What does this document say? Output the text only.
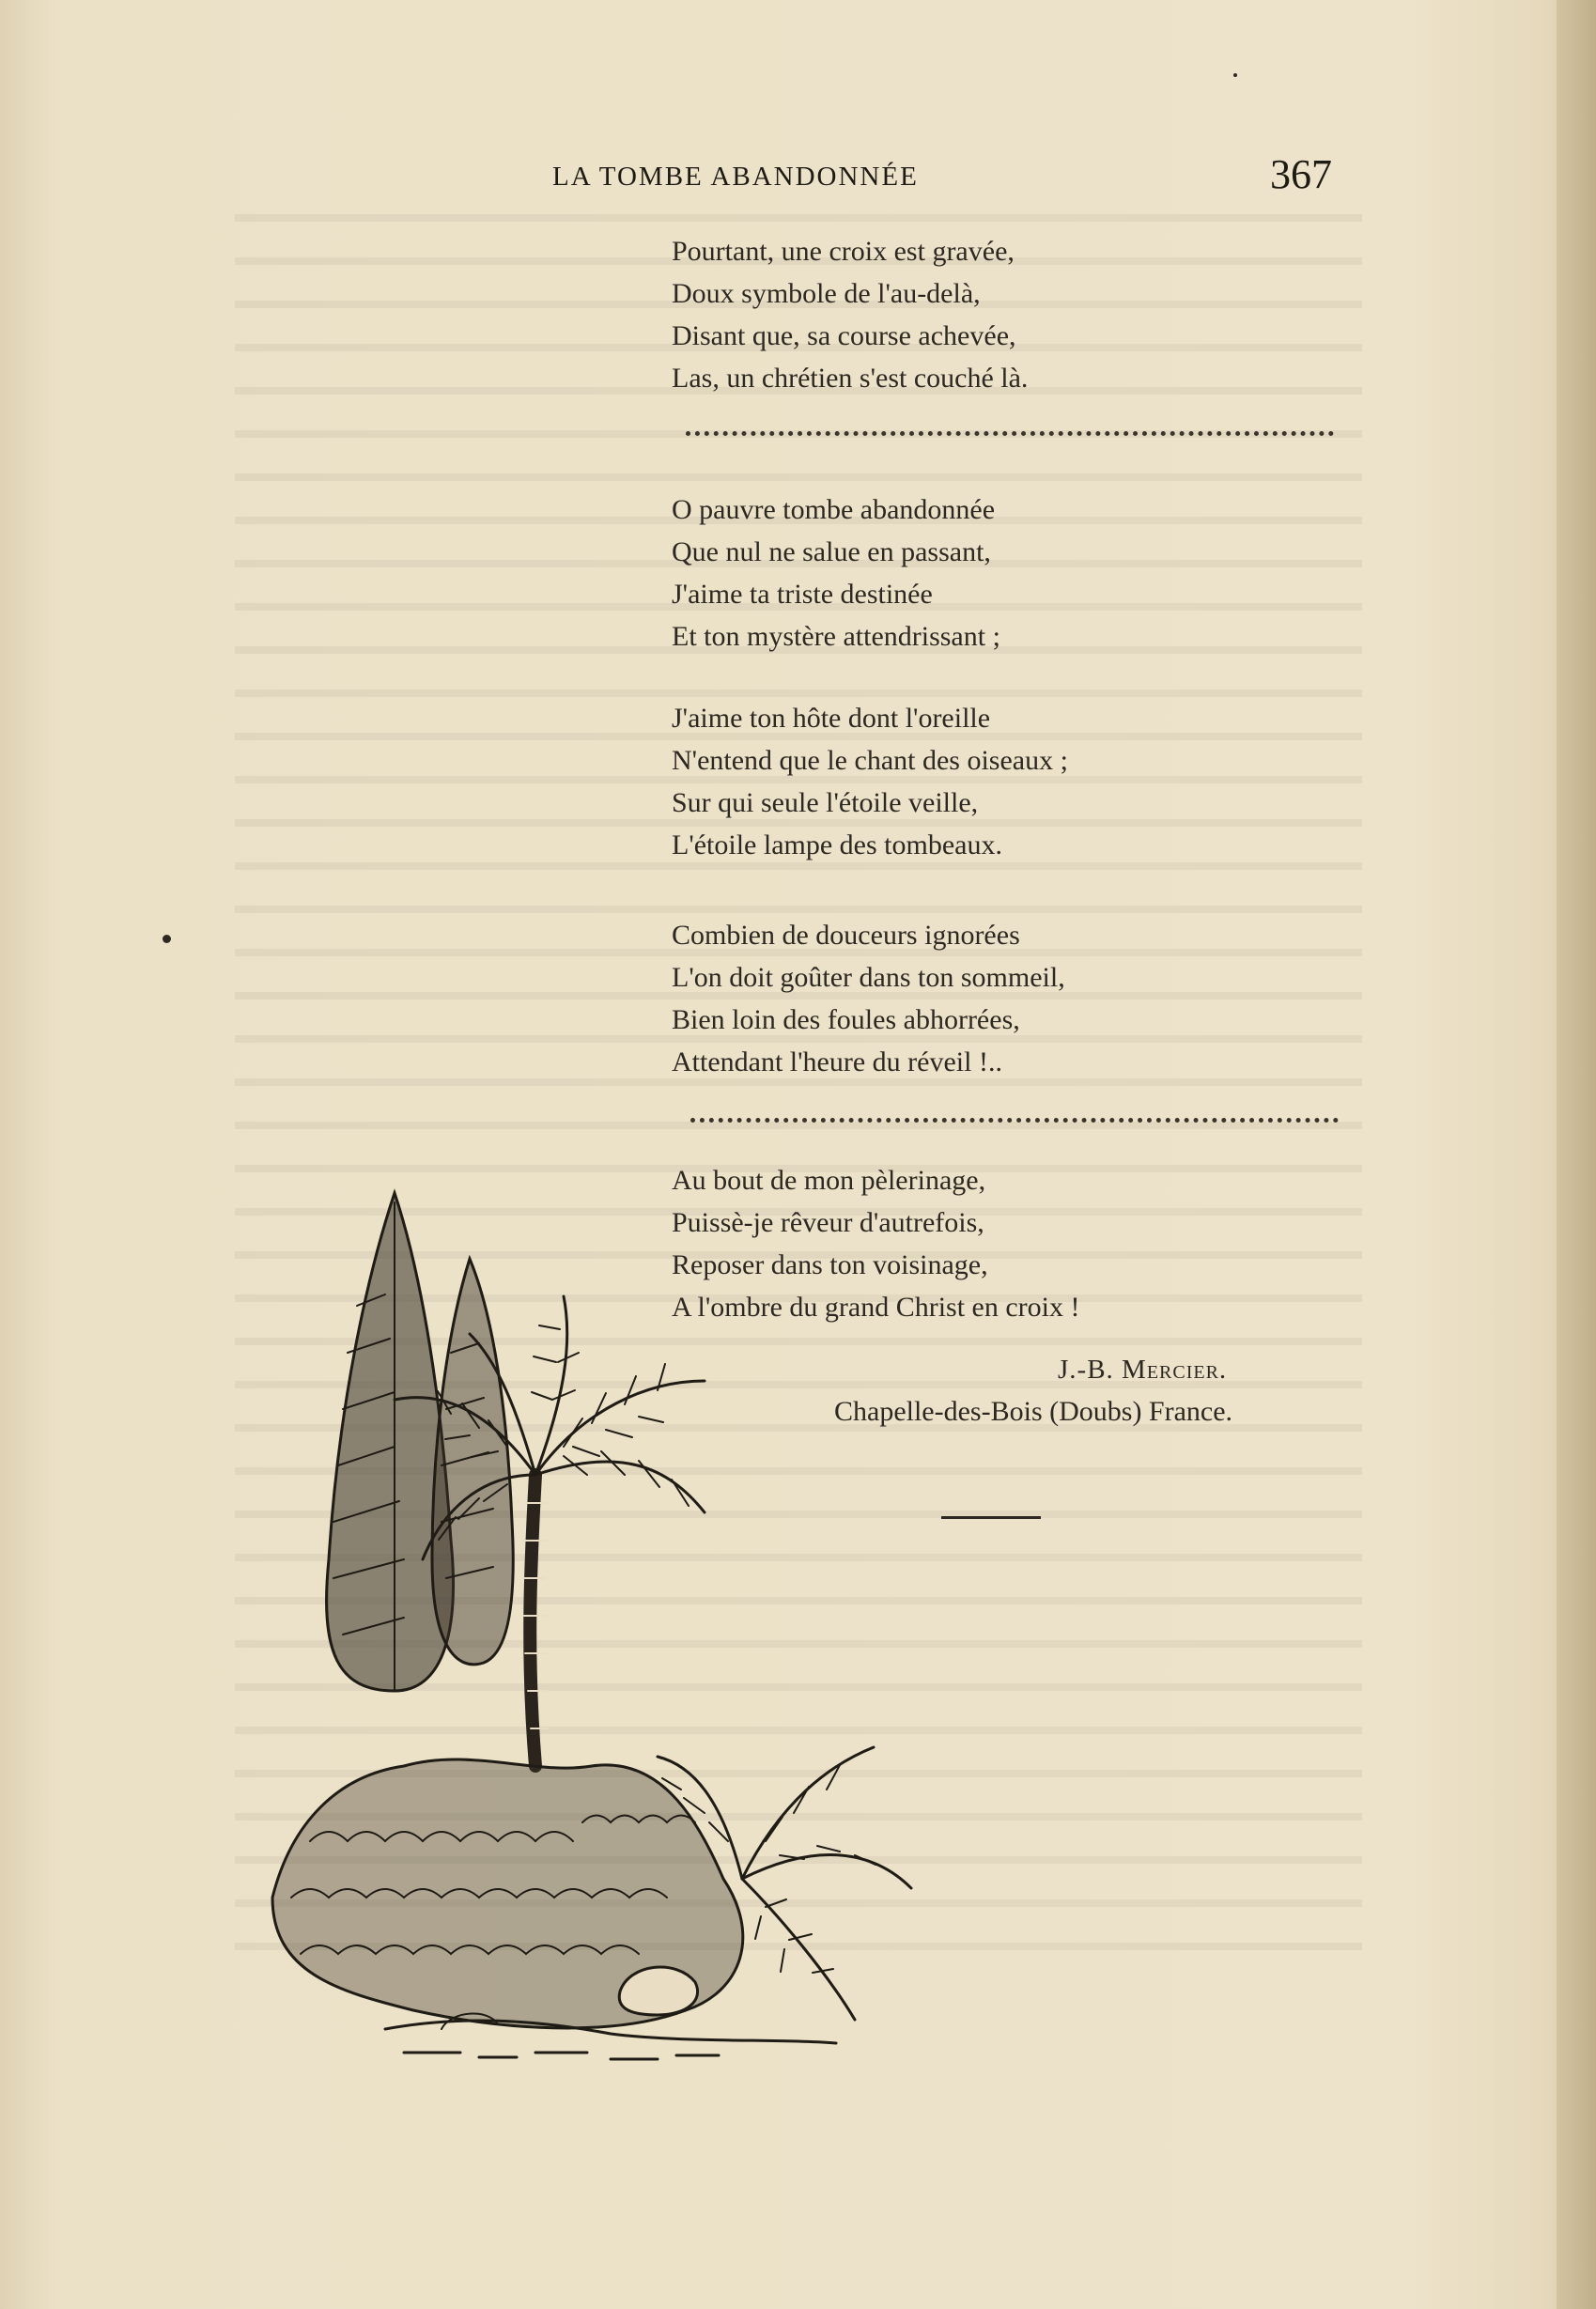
LA TOMBE ABANDONNÉE	367
Pourtant, une croix est gravée,
Doux symbole de l'au-delà,
Disant que, sa course achevée,
Las, un chrétien s'est couché là.
O pauvre tombe abandonnée
Que nul ne salue en passant,
J'aime ta triste destinée
Et ton mystère attendrissant ;
J'aime ton hôte dont l'oreille
N'entend que le chant des oiseaux ;
Sur qui seule l'étoile veille,
L'étoile lampe des tombeaux.
Combien de douceurs ignorées
L'on doit goûter dans ton sommeil,
Bien loin des foules abhorrées,
Attendant l'heure du réveil !..
Au bout de mon pèlerinage,
Puissè-je rêveur d'autrefois,
Reposer dans ton voisinage,
A l'ombre du grand Christ en croix !
J.-B. Mercier.
Chapelle-des-Bois (Doubs) France.
